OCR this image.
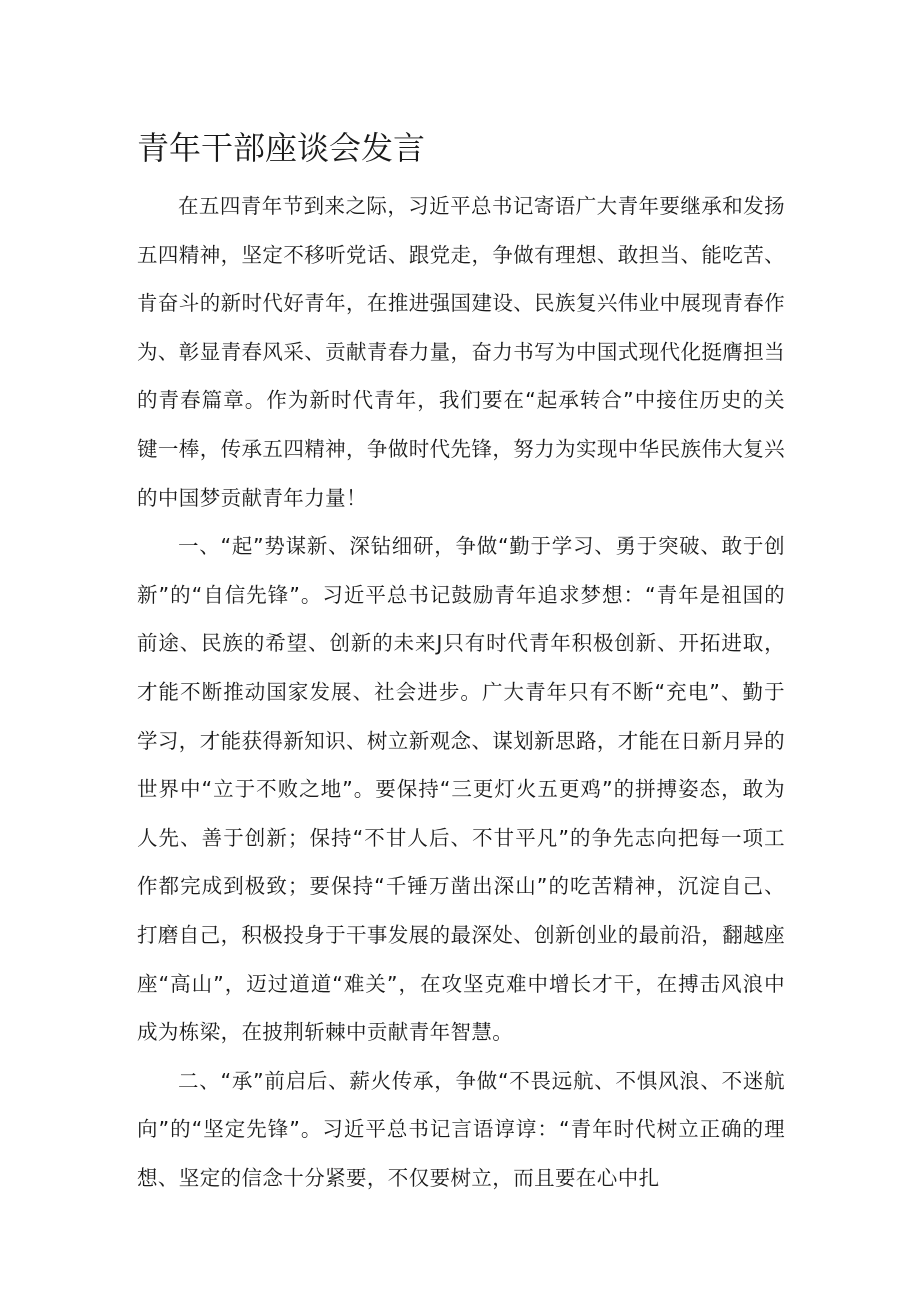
青年干部座谈会发言

在五四青年节到来之际，习近平总书记寄语广大青年要继承和发扬五四精神，坚定不移听党话、跟党走，争做有理想、敢担当、能吃苦、肯奋斗的新时代好青年，在推进强国建设、民族复兴伟业中展现青春作为、彰显青春风采、贡献青春力量，奋力书写为中国式现代化挺膺担当的青春篇章。作为新时代青年，我们要在“起承转合”中接住历史的关键一棒，传承五四精神，争做时代先锋，努力为实现中华民族伟大复兴的中国梦贡献青年力量！

一、“起”势谋新、深钻细研，争做“勤于学习、勇于突破、敢于创新”的“自信先锋”。习近平总书记鼓励青年追求梦想：“青年是祖国的前途、民族的希望、创新的未来J只有时代青年积极创新、开拓进取，才能不断推动国家发展、社会进步。广大青年只有不断“充电”、勤于学习，才能获得新知识、树立新观念、谋划新思路，才能在日新月异的世界中“立于不败之地”。要保持“三更灯火五更鸡”的拼搏姿态，敢为人先、善于创新；保持“不甘人后、不甘平凡”的争先志向把每一项工作都完成到极致；要保持“千锤万凿出深山”的吃苦精神，沉淀自己、打磨自己，积极投身于干事发展的最深处、创新创业的最前沿，翻越座座“高山”，迈过道道“难关”，在攻坚克难中增长才干，在搏击风浪中成为栋梁，在披荆斩棘中贡献青年智慧。

二、“承”前启后、薪火传承，争做“不畏远航、不惧风浪、不迷航向”的“坚定先锋”。习近平总书记言语谆谆：“青年时代树立正确的理想、坚定的信念十分紧要，不仅要树立，而且要在心中扎
